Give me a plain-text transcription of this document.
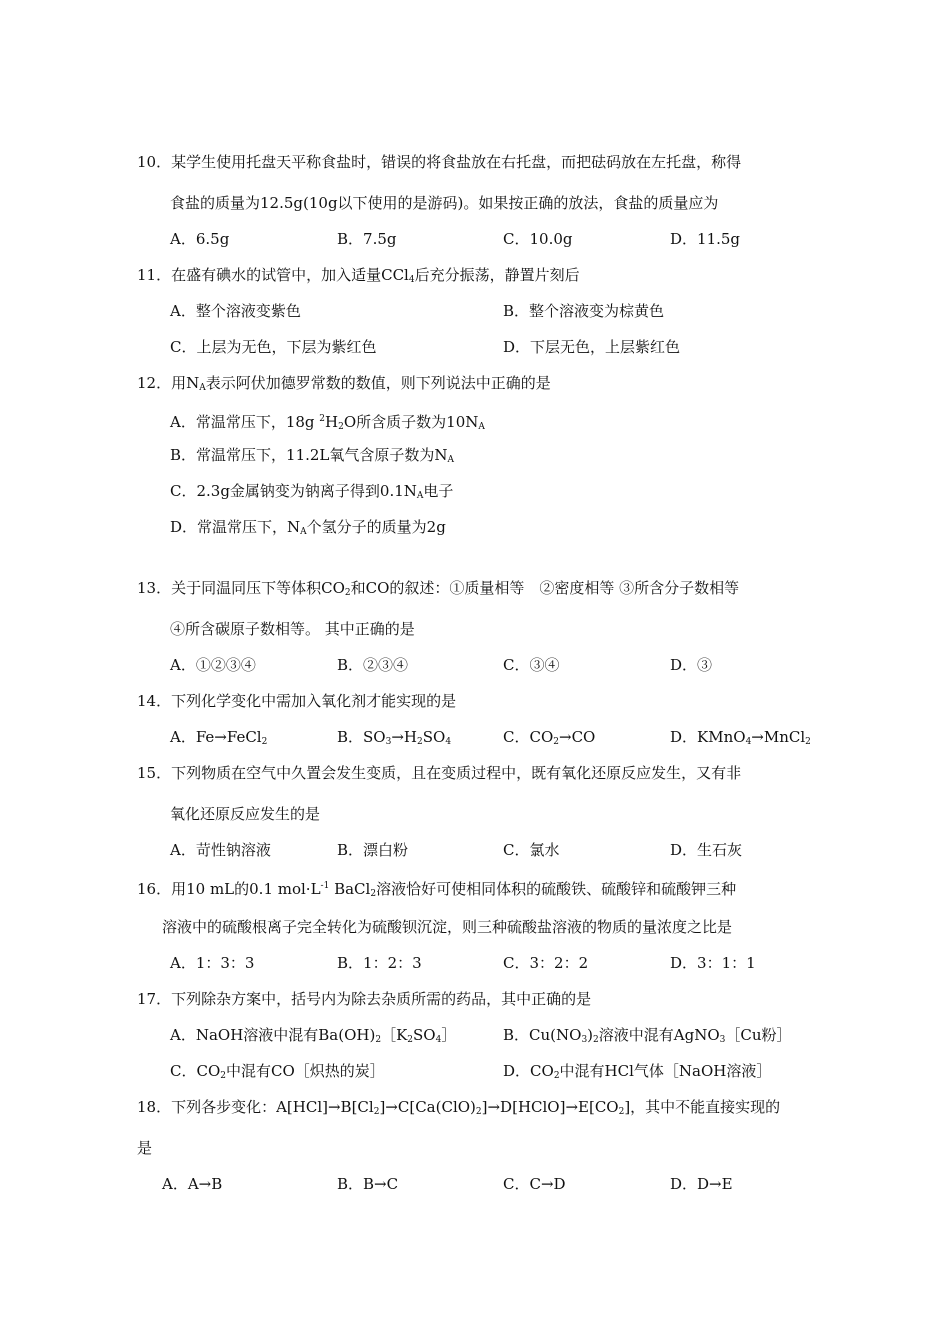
10．某学生使用托盘天平称食盐时，错误的将食盐放在右托盘，而把砝码放在左托盘，称得
食盐的质量为12.5g(10g以下使用的是游码)。如果按正确的放法，食盐的质量应为
A．6.5g	B．7.5g	C．10.0g	D．11.5g
11．在盛有碘水的试管中，加入适量CCl$_4$后充分振荡，静置片刻后
A．整个溶液变紫色	B．整个溶液变为棕黄色
C．上层为无色，下层为紫红色	D．下层无色，上层紫红色
12．用$N_A$表示阿伏加德罗常数的数值，则下列说法中正确的是
A．常温常压下，18g $^2H_2O$所含质子数为$10N_A$
B．常温常压下，11.2L氧气含原子数为$N_A$
C．2.3g金属钠变为钠离子得到$0.1N_A$电子
D．常温常压下，$N_A$个氢分子的质量为2g
13．关于同温同压下等体积$CO_2$和CO的叙述：①质量相等　②密度相等 ③所含分子数相等
④所含碳原子数相等。 其中正确的是
A．①②③④	B．②③④	C．③④	D．③
14．下列化学变化中需加入氧化剂才能实现的是
A．Fe→FeCl$_2$	B．$SO_3\to H_2SO_4$	C．$CO_2\to CO$	D．KMnO$_4$→MnCl$_2$
15．下列物质在空气中久置会发生变质，且在变质过程中，既有氧化还原反应发生，又有非
氧化还原反应发生的是
A．苛性钠溶液	B．漂白粉	C．氯水	D．生石灰
16．用10 mL的0.1 $mol\cdot L^{-1}$ BaCl$_2$溶液恰好可使相同体积的硫酸铁、硫酸锌和硫酸钾三种
溶液中的硫酸根离子完全转化为硫酸钡沉淀，则三种硫酸盐溶液的物质的量浓度之比是
A．1：3：3	B．1：2：3	C．3：2：2	D．3：1：1
17．下列除杂方案中，括号内为除去杂质所需的药品，其中正确的是
A．NaOH溶液中混有$Ba(OH)_2[K_2SO_4]$	B．$Cu(NO_3)_2$溶液中混有AgNO$_3$［Cu粉］
C．$CO_2$中混有CO［炽热的炭］	D．$CO_2$中混有HCl气体［NaOH溶液］
18．下列各步变化：$A[HCl]\to B[Cl_2]\to C[Ca(ClO)_2]\to D[HClO]\to E[CO_2]$，其中不能直接实现的
是
A．A→B	B．B→C	C．C→D	D．D→E
